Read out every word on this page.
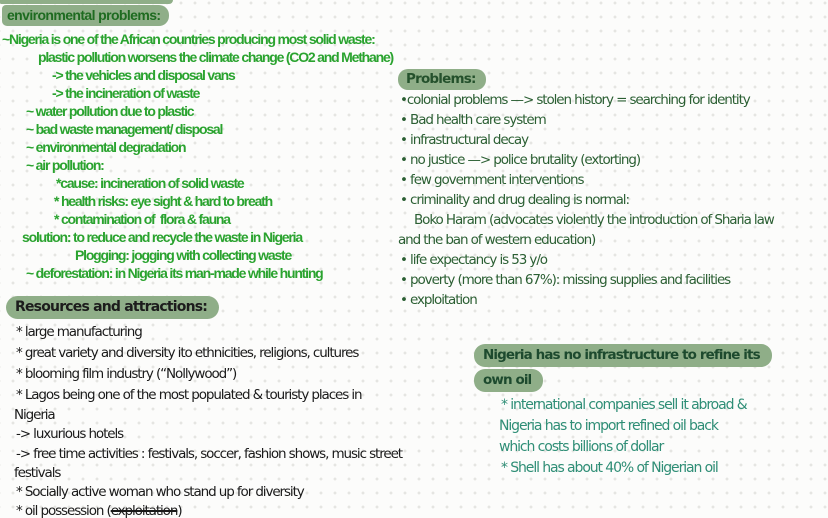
environmental problems:
~Nigeria is one of the African countries producing most solid waste:
plastic pollution worsens the climate change (CO2 and Methane)
-> the vehicles and disposal vans
-> the incineration of waste
~ water pollution due to plastic
~ bad waste management/ disposal
~ environmental degradation
~ air pollution:
*cause: incineration of solid waste
* health risks: eye sight & hard to breath
* contamination of  flora & fauna
solution: to reduce and recycle the waste in Nigeria
Plogging: jogging with collecting waste
~ deforestation: in Nigeria its man-made while hunting
Problems:
•colonial problems —> stolen history = searching for identity
• Bad health care system
• infrastructural decay
• no justice —> police brutality (extorting)
• few government interventions
• criminality and drug dealing is normal:
Boko Haram (advocates violently the introduction of Sharia law
and the ban of western education)
• life expectancy is 53 y/o
• poverty (more than 67%): missing supplies and facilities
• exploitation
Resources and attractions:
* large manufacturing
* great variety and diversity ito ethnicities, religions, cultures
* blooming film industry (“Nollywood”)
* Lagos being one of the most populated & touristy places in
Nigeria
-> luxurious hotels
-> free time activities : festivals, soccer, fashion shows, music street
festivals
* Socially active woman who stand up for diversity
* oil possession (exploitation)
Nigeria has no infrastructure to refine its
own oil
* international companies sell it abroad &
Nigeria has to import refined oil back
which costs billions of dollar
* Shell has about 40% of Nigerian oil
